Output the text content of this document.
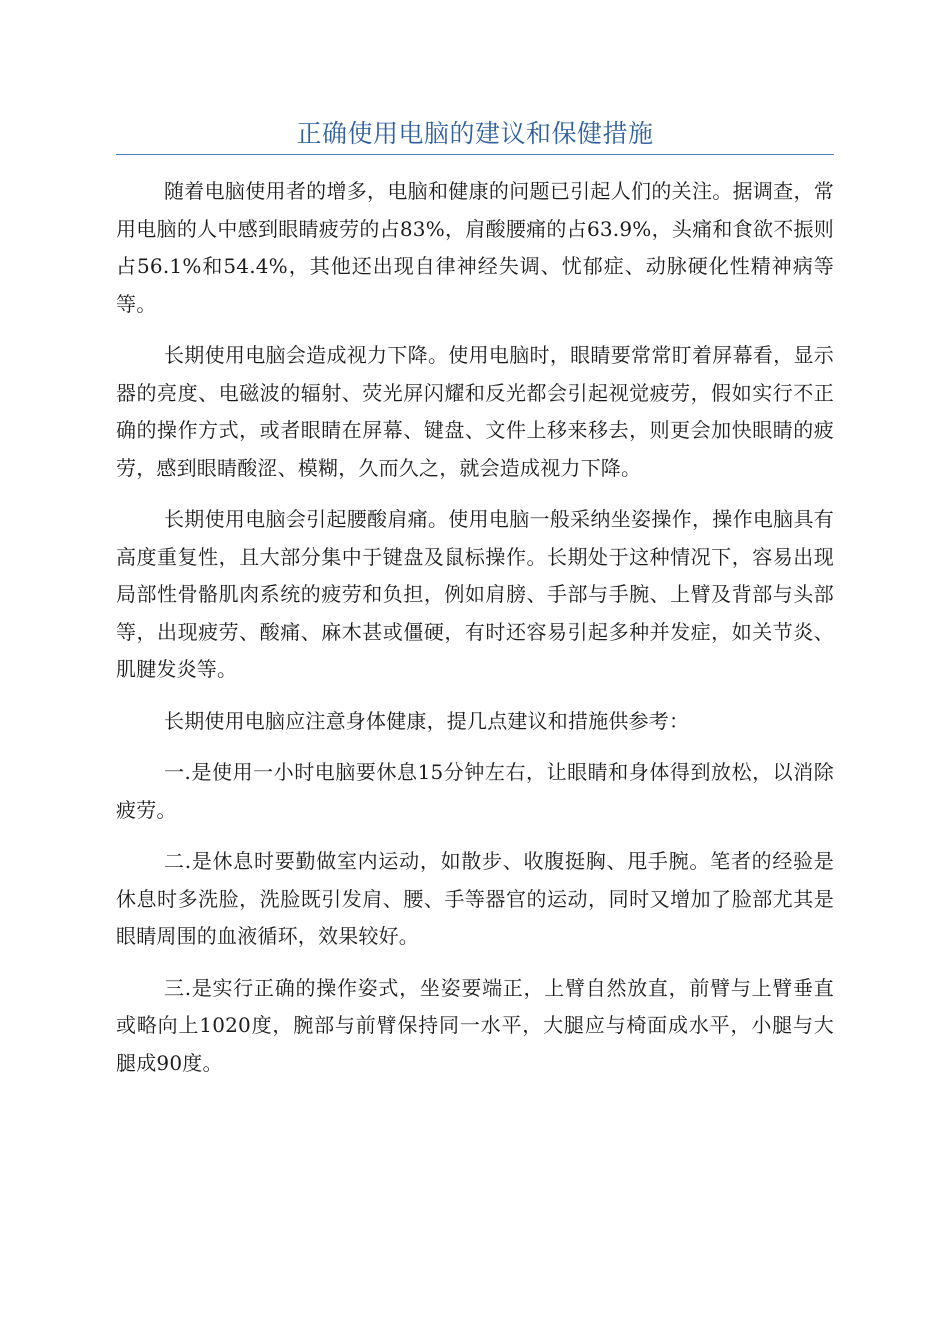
正确使用电脑的建议和保健措施

随着电脑使用者的增多，电脑和健康的问题已引起人们的关注。据调查，常用电脑的人中感到眼睛疲劳的占83%，肩酸腰痛的占63.9%，头痛和食欲不振则占56.1%和54.4%，其他还出现自律神经失调、忧郁症、动脉硬化性精神病等等。

长期使用电脑会造成视力下降。使用电脑时，眼睛要常常盯着屏幕看，显示器的亮度、电磁波的辐射、荧光屏闪耀和反光都会引起视觉疲劳，假如实行不正确的操作方式，或者眼睛在屏幕、键盘、文件上移来移去，则更会加快眼睛的疲劳，感到眼睛酸涩、模糊，久而久之，就会造成视力下降。

长期使用电脑会引起腰酸肩痛。使用电脑一般采纳坐姿操作，操作电脑具有高度重复性，且大部分集中于键盘及鼠标操作。长期处于这种情况下，容易出现局部性骨骼肌肉系统的疲劳和负担，例如肩膀、手部与手腕、上臂及背部与头部等，出现疲劳、酸痛、麻木甚或僵硬，有时还容易引起多种并发症，如关节炎、肌腱发炎等。

长期使用电脑应注意身体健康，提几点建议和措施供参考：

一.是使用一小时电脑要休息15分钟左右，让眼睛和身体得到放松，以消除疲劳。

二.是休息时要勤做室内运动，如散步、收腹挺胸、甩手腕。笔者的经验是休息时多洗脸，洗脸既引发肩、腰、手等器官的运动，同时又增加了脸部尤其是眼睛周围的血液循环，效果较好。

三.是实行正确的操作姿式，坐姿要端正，上臂自然放直，前臂与上臂垂直或略向上1020度，腕部与前臂保持同一水平，大腿应与椅面成水平，小腿与大腿成90度。
